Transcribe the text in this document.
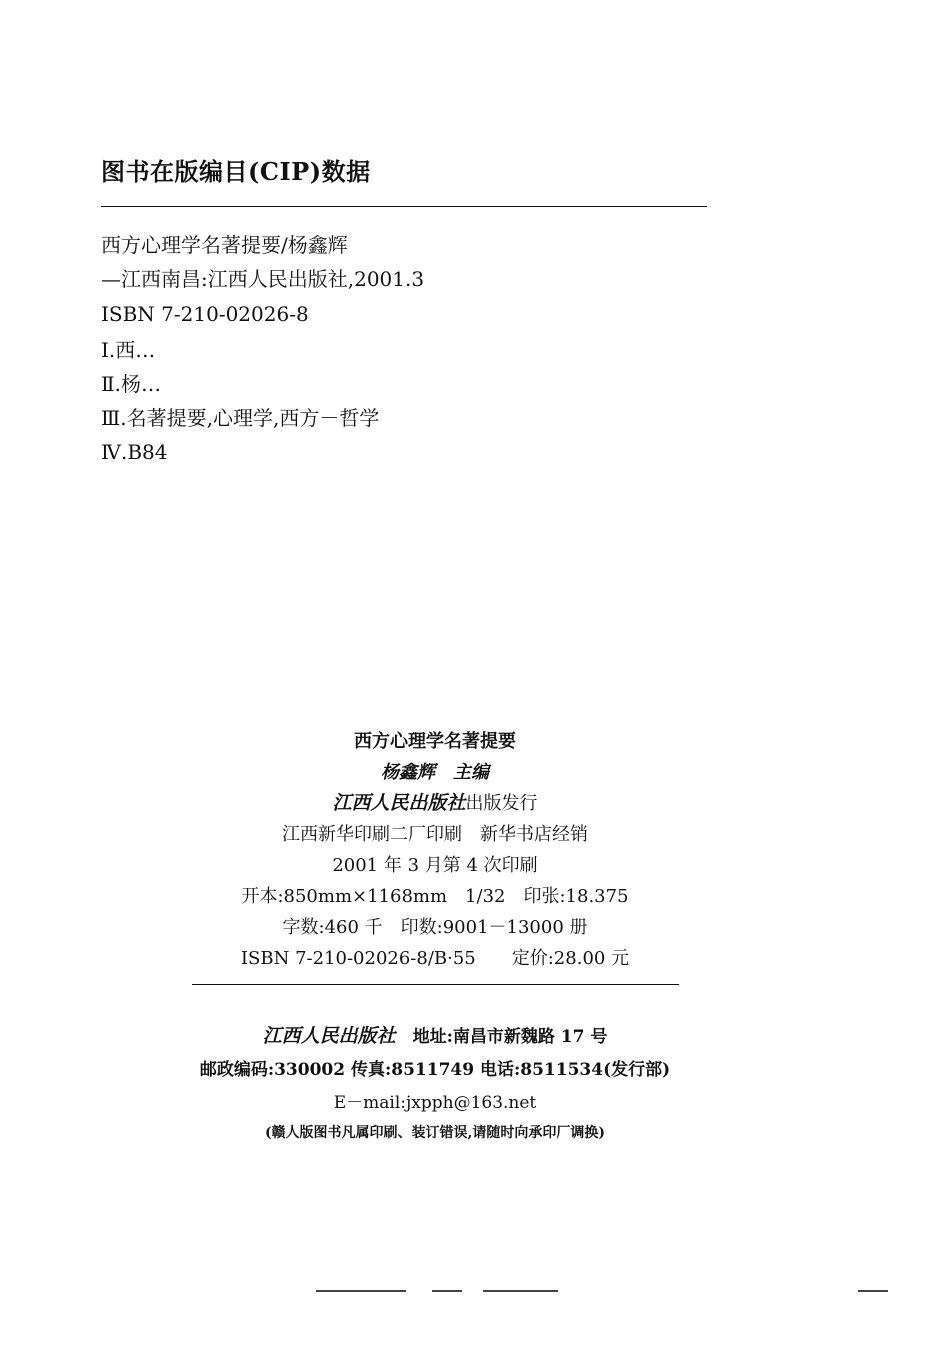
图书在版编目(CIP)数据
西方心理学名著提要/杨鑫辉
—江西南昌:江西人民出版社,2001.3
ISBN 7-210-02026-8
Ⅰ.西…
Ⅱ.杨…
Ⅲ.名著提要,心理学,西方－哲学
Ⅳ.B84
西方心理学名著提要
杨鑫辉　主编
江西人民出版社出版发行
江西新华印刷二厂印刷　新华书店经销
2001 年 3 月第 4 次印刷
开本:850mm×1168mm　1/32　印张:18.375
字数:460 千　印数:9001－13000 册
ISBN 7-210-02026-8/B·55　　定价:28.00 元
江西人民出版社　 地址:南昌市新魏路 17 号
邮政编码:330002 传真:8511749 电话:8511534(发行部)
E－mail:jxpph@163.net
(赣人版图书凡属印刷、装订错误,请随时向承印厂调换)
